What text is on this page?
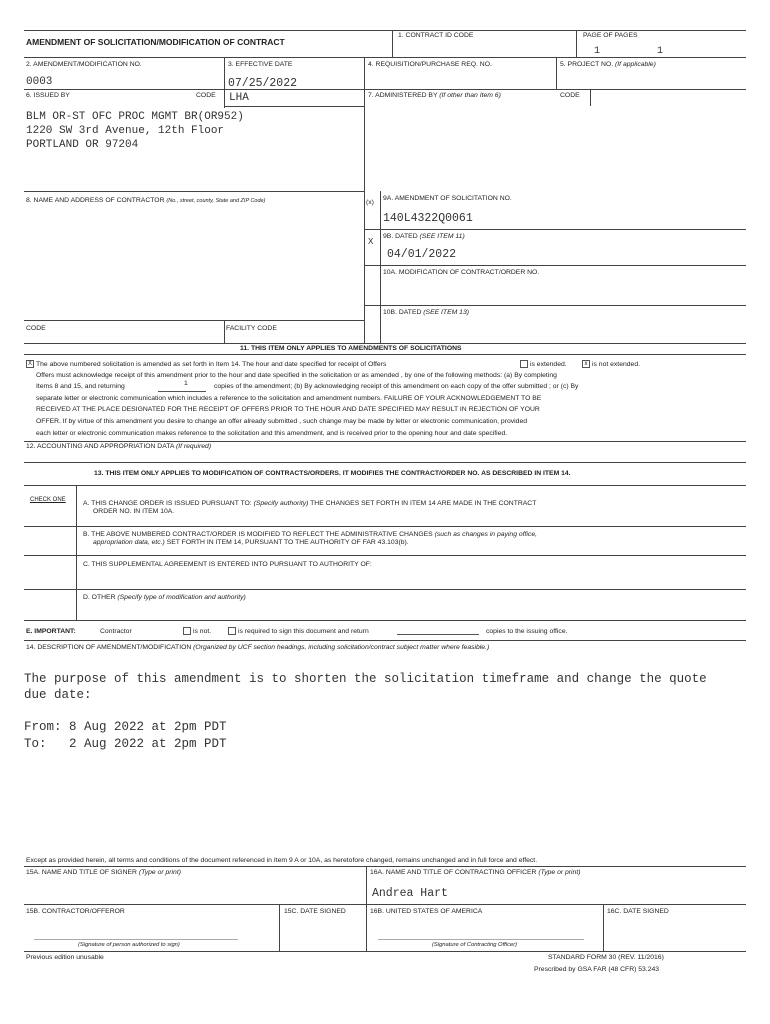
AMENDMENT OF SOLICITATION/MODIFICATION OF CONTRACT
1. CONTRACT ID CODE	PAGE OF PAGES
1	1
2. AMENDMENT/MODIFICATION NO.
0003
3. EFFECTIVE DATE
07/25/2022
4. REQUISITION/PURCHASE REQ. NO.	5. PROJECT NO. (If applicable)
6. ISSUED BY	CODE LHA
BLM OR-ST OFC PROC MGMT BR(OR952)
1220 SW 3rd Avenue, 12th Floor
PORTLAND OR 97204
7. ADMINISTERED BY (If other than Item 6)	CODE
8. NAME AND ADDRESS OF CONTRACTOR (No., street, county, State and ZIP Code)	(x)
9A. AMENDMENT OF SOLICITATION NO.
140L4322Q0061
X
9B. DATED (SEE ITEM 11)
04/01/2022
10A. MODIFICATION OF CONTRACT/ORDER NO.
10B. DATED (SEE ITEM 13)
CODE	FACILITY CODE
11. THIS ITEM ONLY APPLIES TO AMENDMENTS OF SOLICITATIONS
X The above numbered solicitation is amended as set forth in Item 14. The hour and date specified for receipt of Offers	is extended.	x is not extended.
Offers must acknowledge receipt of this amendment prior to the hour and date specified in the solicitation or as amended , by one of the following methods: (a) By completing
Items 8 and 15, and returning	1	copies of the amendment; (b) By acknowledging receipt of this amendment on each copy of the offer submitted ; or (c) By
separate letter or electronic communication which includes a reference to the solicitation and amendment numbers. FAILURE OF YOUR ACKNOWLEDGEMENT TO BE
RECEIVED AT THE PLACE DESIGNATED FOR THE RECEIPT OF OFFERS PRIOR TO THE HOUR AND DATE SPECIFIED MAY RESULT IN REJECTION OF YOUR
OFFER. If by virtue of this amendment you desire to change an offer already submitted , such change may be made by letter or electronic communication, provided
each letter or electronic communication makes reference to the solicitation and this amendment, and is received prior to the opening hour and date specified.
12. ACCOUNTING AND APPROPRIATION DATA (If required)
13. THIS ITEM ONLY APPLIES TO MODIFICATION OF CONTRACTS/ORDERS. IT MODIFIES THE CONTRACT/ORDER NO. AS DESCRIBED IN ITEM 14.
CHECK ONE	A. THIS CHANGE ORDER IS ISSUED PURSUANT TO: (Specify authority) THE CHANGES SET FORTH IN ITEM 14 ARE MADE IN THE CONTRACT
ORDER NO. IN ITEM 10A.
B. THE ABOVE NUMBERED CONTRACT/ORDER IS MODIFIED TO REFLECT THE ADMINISTRATIVE CHANGES (such as changes in paying office,
appropriation data, etc.) SET FORTH IN ITEM 14, PURSUANT TO THE AUTHORITY OF FAR 43.103(b).
C. THIS SUPPLEMENTAL AGREEMENT IS ENTERED INTO PURSUANT TO AUTHORITY OF:
D. OTHER (Specify type of modification and authority)
E. IMPORTANT:	Contractor	is not.	is required to sign this document and return	copies to the issuing office.
14. DESCRIPTION OF AMENDMENT/MODIFICATION (Organized by UCF section headings, including solicitation/contract subject matter where feasible.)
The purpose of this amendment is to shorten the solicitation timeframe and change the quote
due date:
From: 8 Aug 2022 at 2pm PDT
To:   2 Aug 2022 at 2pm PDT
Except as provided herein, all terms and conditions of the document referenced in Item 9 A or 10A, as heretofore changed, remains unchanged and in full force and effect.
15A. NAME AND TITLE OF SIGNER (Type or print)	16A. NAME AND TITLE OF CONTRACTING OFFICER (Type or print)
Andrea Hart
15B. CONTRACTOR/OFFEROR	15C. DATE SIGNED	16B. UNITED STATES OF AMERICA	16C. DATE SIGNED
(Signature of person authorized to sign)	(Signature of Contracting Officer)
Previous edition unusable	STANDARD FORM 30 (REV. 11/2016)
Prescribed by GSA FAR (48 CFR) 53.243
